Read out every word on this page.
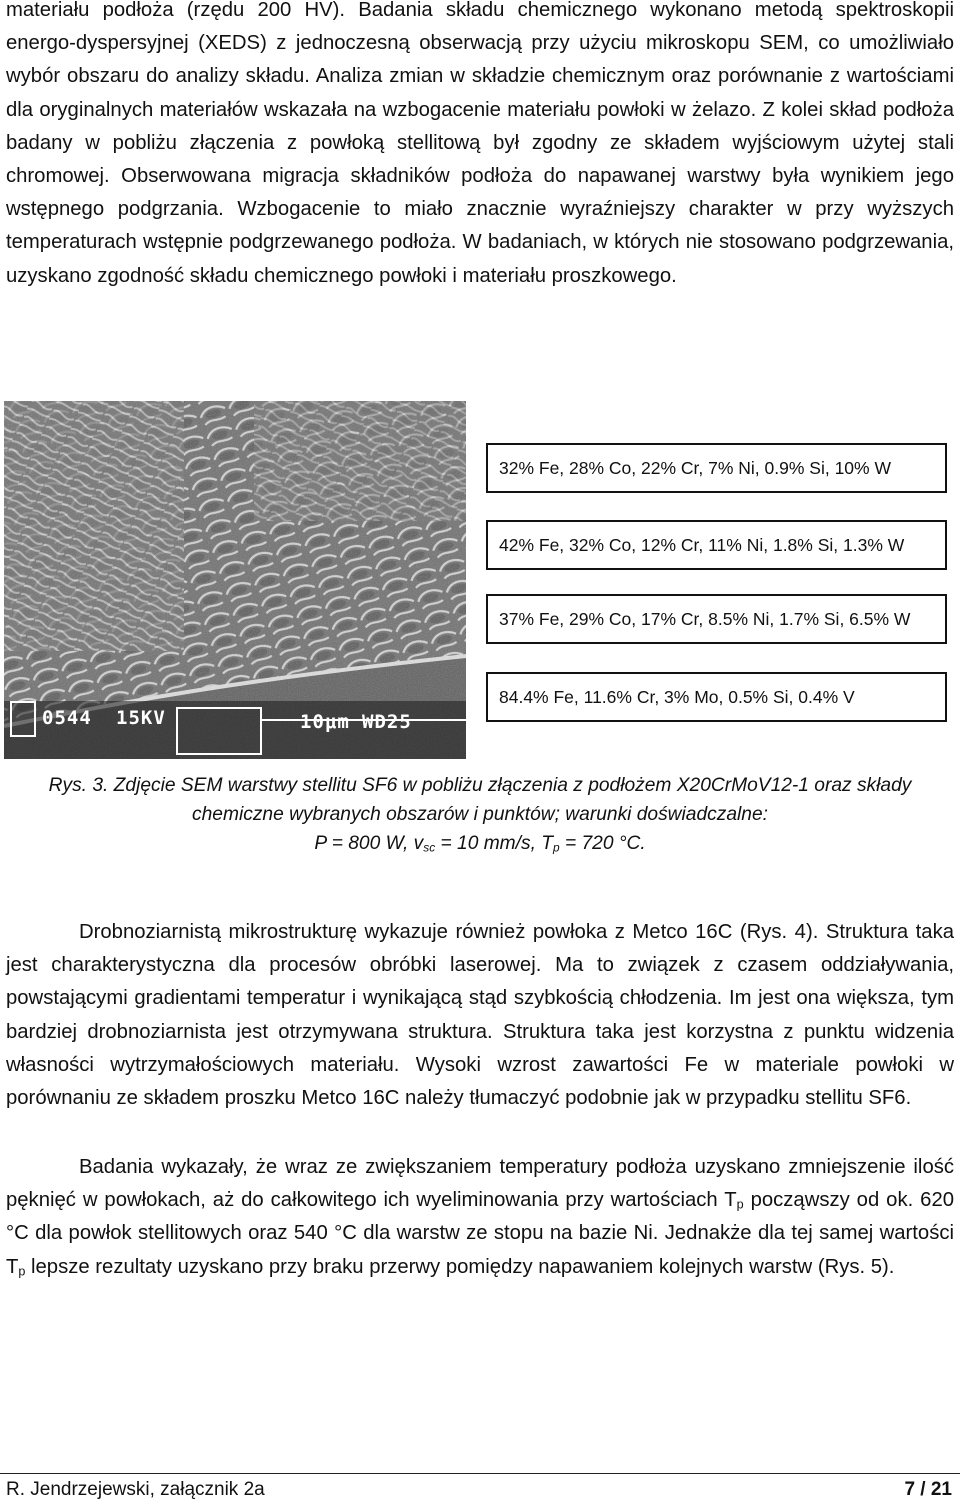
materiału podłoża (rzędu 200 HV). Badania składu chemicznego wykonano metodą spektroskopii energo-dyspersyjnej (XEDS) z jednoczesną obserwacją przy użyciu mikroskopu SEM, co umożliwiało wybór obszaru do analizy składu. Analiza zmian w składzie chemicznym oraz porównanie z wartościami dla oryginalnych materiałów wskazała na wzbogacenie materiału powłoki w żelazo. Z kolei skład podłoża badany w pobliżu złączenia z powłoką stellitową był zgodny ze składem wyjściowym użytej stali chromowej. Obserwowana migracja składników podłoża do napawanej warstwy była wynikiem jego wstępnego podgrzania. Wzbogacenie to miało znacznie wyraźniejszy charakter w przy wyższych temperaturach wstępnie podgrzewanego podłoża. W badaniach, w których nie stosowano podgrzewania, uzyskano zgodność składu chemicznego powłoki i materiału proszkowego.

0544 15KV	10μm WD25
32% Fe, 28% Co, 22% Cr, 7% Ni, 0.9% Si, 10% W
42% Fe, 32% Co, 12% Cr, 11% Ni, 1.8% Si, 1.3% W
37% Fe, 29% Co, 17% Cr, 8.5% Ni, 1.7% Si, 6.5% W
84.4% Fe, 11.6% Cr, 3% Mo, 0.5% Si, 0.4% V
Rys. 3. Zdjęcie SEM warstwy stellitu SF6 w pobliżu złączenia z podłożem X20CrMoV12-1 oraz składy
chemiczne wybranych obszarów i punktów; warunki doświadczalne:
P = 800 W, $v_{sc} = 10$ mm/s, $T_p = 720$ °C.

Drobnoziarnistą mikrostrukturę wykazuje również powłoka z Metco 16C (Rys. 4). Struktura taka jest charakterystyczna dla procesów obróbki laserowej. Ma to związek z czasem oddziaływania, powstającymi gradientami temperatur i wynikającą stąd szybkością chłodzenia. Im jest ona większa, tym bardziej drobnoziarnista jest otrzymywana struktura. Struktura taka jest korzystna z punktu widzenia własności wytrzymałościowych materiału. Wysoki wzrost zawartości Fe w materiale powłoki w porównaniu ze składem proszku Metco 16C należy tłumaczyć podobnie jak w przypadku stellitu SF6.

Badania wykazały, że wraz ze zwiększaniem temperatury podłoża uzyskano zmniejszenie ilość pęknięć w powłokach, aż do całkowitego ich wyeliminowania przy wartościach $T_p$ począwszy od ok. 620 °C dla powłok stellitowych oraz 540 °C dla warstw ze stopu na bazie Ni. Jednakże dla tej samej wartości $T_p$ lepsze rezultaty uzyskano przy braku przerwy pomiędzy napawaniem kolejnych warstw (Rys. 5).

R. Jendrzejewski, załącznik 2a	7 / 21
